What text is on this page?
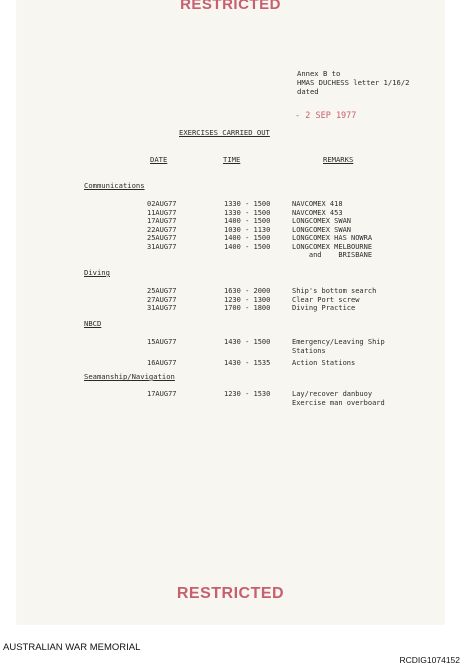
RESTRICTED
Annex B to
HMAS DUCHESS letter 1/16/2
dated
- 2 SEP 1977
EXERCISES CARRIED OUT
DATE	TIME	REMARKS
Communications
02AUG77	1330 - 1500	NAVCOMEX 418
11AUG77	1330 - 1500	NAVCOMEX 453
17AUG77	1400 - 1500	LONGCOMEX SWAN
22AUG77	1030 - 1130	LONGCOMEX SWAN
25AUG77	1400 - 1500	LONGCOMEX HAS NOWRA
31AUG77	1400 - 1500	LONGCOMEX MELBOURNE
and    BRISBANE
Diving
25AUG77	1630 - 2000	Ship's bottom search
27AUG77	1230 - 1300	Clear Port screw
31AUG77	1700 - 1800	Diving Practice
NBCD
15AUG77	1430 - 1500	Emergency/Leaving Ship
Stations
16AUG77	1430 - 1535	Action Stations
Seamanship/Navigation
17AUG77	1230 - 1530	Lay/recover danbuoy
Exercise man overboard
RESTRICTED
AUSTRALIAN WAR MEMORIAL
RCDIG1074152
